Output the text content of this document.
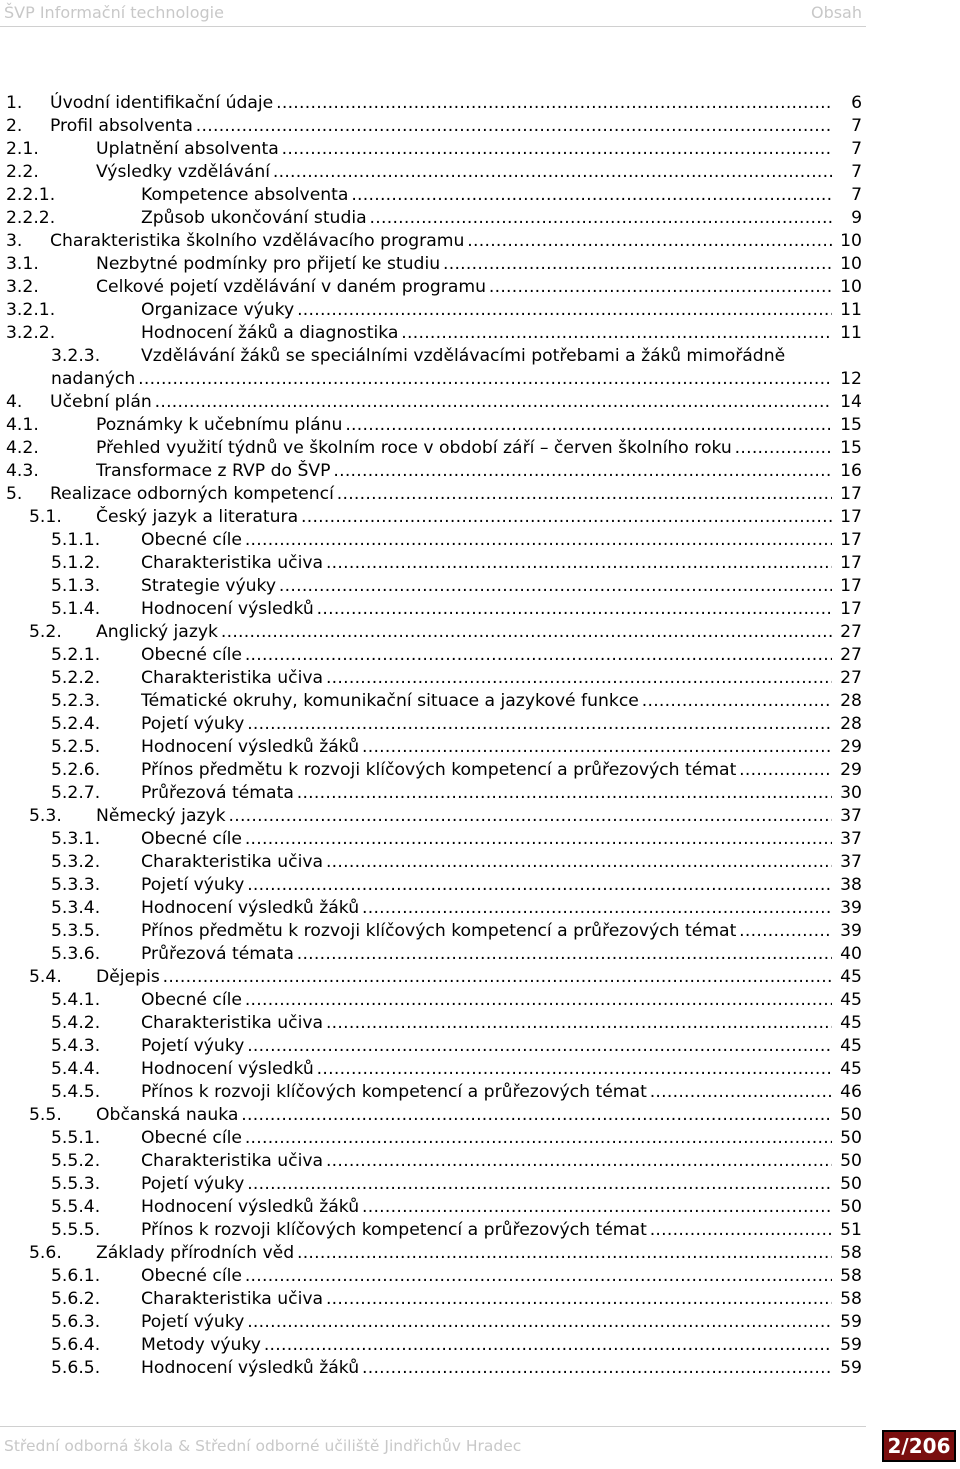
ŠVP Informační technologie	Obsah
1. Úvodní identifikační údaje . . .	6
2. Profil absolventa . . .	7
2.1.	Uplatnění absolventa . . .	7
2.2.	Výsledky vzdělávání . . .	7
2.2.1.	Kompetence absolventa . . .	7
2.2.2.	Způsob ukončování studia . . .	9
3. Charakteristika školního vzdělávacího programu . . .	10
3.1.	Nezbytné podmínky pro přijetí ke studiu . . .	10
3.2.	Celkové pojetí vzdělávání v daném programu . . .	10
3.2.1.	Organizace výuky . . .	11
3.2.2.	Hodnocení žáků a diagnostika . . .	11
3.2.3. Vzdělávání žáků se speciálními vzdělávacími potřebami a žáků mimořádně
nadaných . . .	12
4. Učební plán . . .	14
4.1.	Poznámky k učebnímu plánu . . .	15
4.2.	Přehled využití týdnů ve školním roce v období září – červen školního roku . . .	15
4.3.	Transformace z RVP do ŠVP . . .	16
5. Realizace odborných kompetencí . . .	17
5.1. Český jazyk a literatura . . .	17
5.1.1. Obecné cíle . . .	17
5.1.2. Charakteristika učiva . . .	17
5.1.3. Strategie výuky . . .	17
5.1.4. Hodnocení výsledků . . .	17
5.2. Anglický jazyk . . .	27
5.2.1. Obecné cíle . . .	27
5.2.2. Charakteristika učiva . . .	27
5.2.3. Tématické okruhy, komunikační situace a jazykové funkce . . .	28
5.2.4. Pojetí výuky . . .	28
5.2.5. Hodnocení výsledků žáků . . .	29
5.2.6. Přínos předmětu k rozvoji klíčových kompetencí a průřezových témat . . .	29
5.2.7. Průřezová témata . . .	30
5.3. Německý jazyk . . .	37
5.3.1. Obecné cíle . . .	37
5.3.2. Charakteristika učiva . . .	37
5.3.3. Pojetí výuky . . .	38
5.3.4. Hodnocení výsledků žáků . . .	39
5.3.5. Přínos předmětu k rozvoji klíčových kompetencí a průřezových témat . . .	39
5.3.6. Průřezová témata . . .	40
5.4. Dějepis . . .	45
5.4.1. Obecné cíle . . .	45
5.4.2. Charakteristika učiva . . .	45
5.4.3. Pojetí výuky . . .	45
5.4.4. Hodnocení výsledků . . .	45
5.4.5. Přínos k rozvoji klíčových kompetencí a průřezových témat . . .	46
5.5. Občanská nauka . . .	50
5.5.1. Obecné cíle . . .	50
5.5.2. Charakteristika učiva . . .	50
5.5.3. Pojetí výuky . . .	50
5.5.4. Hodnocení výsledků žáků . . .	50
5.5.5. Přínos k rozvoji klíčových kompetencí a průřezových témat . . .	51
5.6. Základy přírodních věd . . .	58
5.6.1. Obecné cíle . . .	58
5.6.2. Charakteristika učiva . . .	58
5.6.3. Pojetí výuky . . .	59
5.6.4. Metody výuky . . .	59
5.6.5. Hodnocení výsledků žáků . . .	59
Střední odborná škola & Střední odborné učiliště Jindřichův Hradec	2/206
